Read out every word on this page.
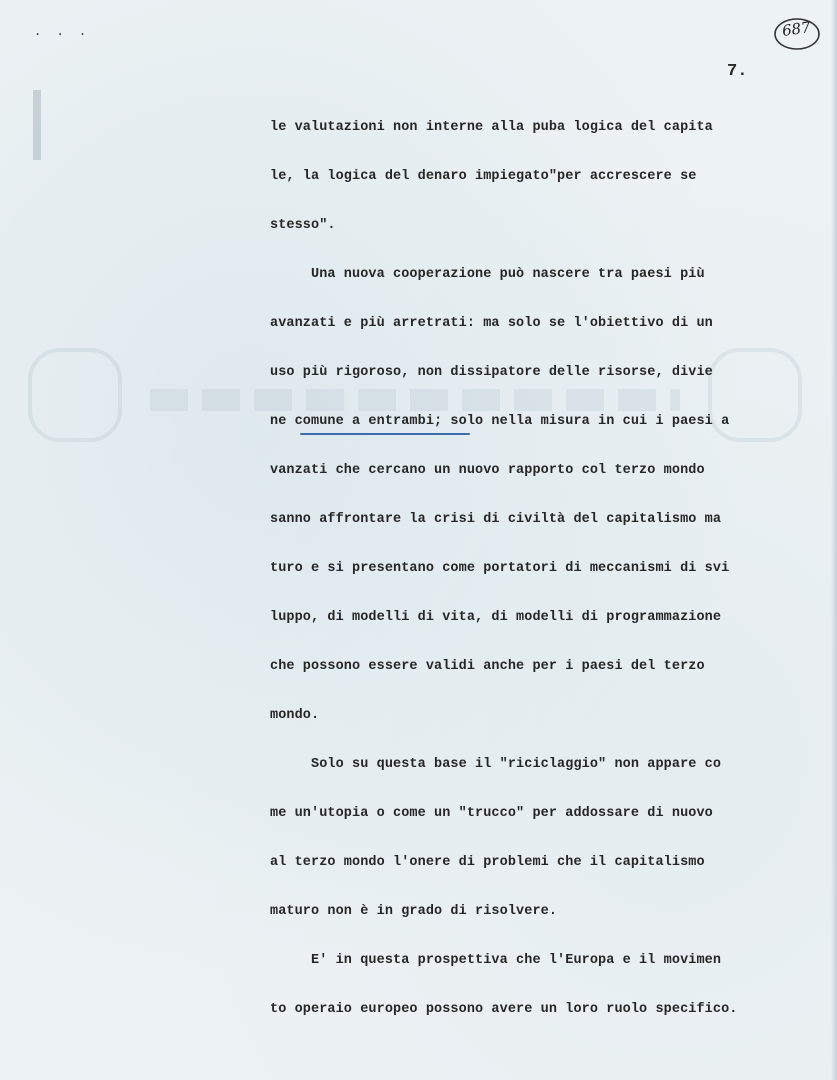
. . .	687
7.
le valutazioni non interne alla puba logica del capita
le, la logica del denaro impiegato"per accrescere se
stesso".
Una nuova cooperazione può nascere tra paesi più
avanzati e più arretrati: ma solo se l'obiettivo di un
uso più rigoroso, non dissipatore delle risorse, divie
ne comune a entrambi; solo nella misura in cui i paesi a
vanzati che cercano un nuovo rapporto col terzo mondo
sanno affrontare la crisi di civiltà del capitalismo ma
turo e si presentano come portatori di meccanismi di svi
luppo, di modelli di vita, di modelli di programmazione
che possono essere validi anche per i paesi del terzo
mondo.
Solo su questa base il "riciclaggio" non appare co
me un'utopia o come un "trucco" per addossare di nuovo
al terzo mondo l'onere di problemi che il capitalismo
maturo non è in grado di risolvere.
E' in questa prospettiva che l'Europa e il movimen
to operaio europeo possono avere un loro ruolo specifico.
